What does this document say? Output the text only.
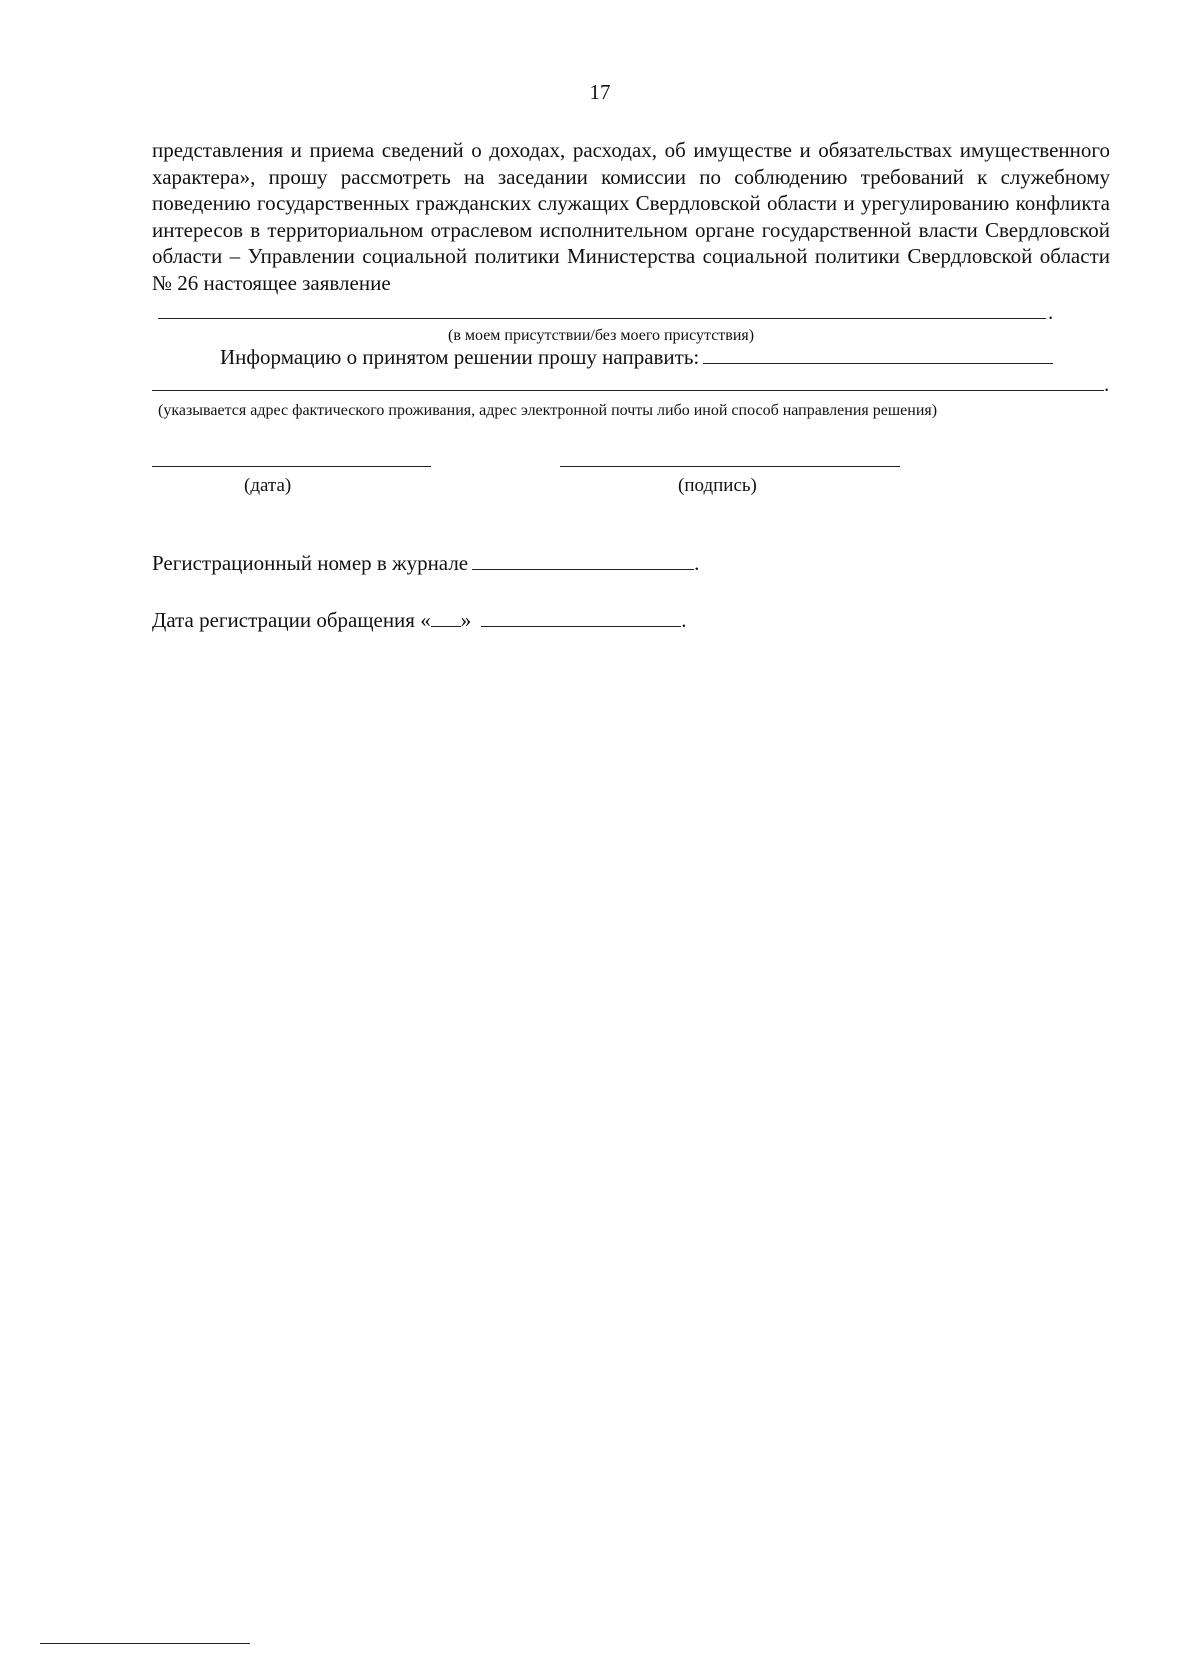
17

представления и приема сведений о доходах, расходах, об имуществе и обязательствах имущественного характера», прошу рассмотреть на заседании комиссии по соблюдению требований к служебному поведению государственных гражданских служащих Свердловской области и урегулированию конфликта интересов в территориальном отраслевом исполнительном органе государственной власти Свердловской области – Управлении социальной политики Министерства социальной политики Свердловской области № 26 настоящее заявление

.
(в моем присутствии/без моего присутствия)
Информацию о принятом решении прошу направить:
.
(указывается адрес фактического проживания, адрес электронной почты либо иной способ направления решения)
(дата)	(подпись)
Регистрационный номер в журнале	.
Дата регистрации обращения « »	.
